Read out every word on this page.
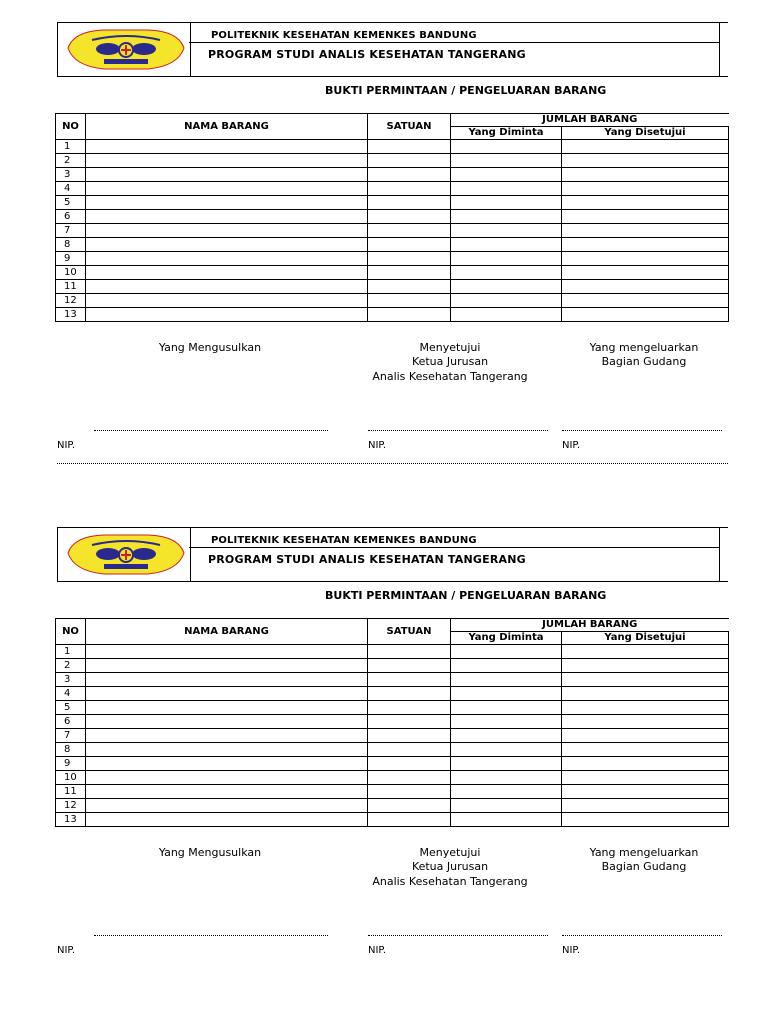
POLITEKNIK KESEHATAN KEMENKES BANDUNG
PROGRAM STUDI ANALIS KESEHATAN TANGERANG
BUKTI PERMINTAAN / PENGELUARAN BARANG
NO	NAMA BARANG	SATUAN	JUMLAH BARANG	
			Yang Diminta	Yang Disetujui
1				
2				
3				
4				
5				
6				
7				
8				
9				
10				
11				
12				
13				
Yang Mengusulkan	Menyetujui
Ketua Jurusan
Analis Kesehatan Tangerang
Yang mengeluarkan
Bagian Gudang
NIP.	NIP.	NIP.
POLITEKNIK KESEHATAN KEMENKES BANDUNG
PROGRAM STUDI ANALIS KESEHATAN TANGERANG
BUKTI PERMINTAAN / PENGELUARAN BARANG
NO	NAMA BARANG	SATUAN	JUMLAH BARANG	
			Yang Diminta	Yang Disetujui
1				
2				
3				
4				
5				
6				
7				
8				
9				
10				
11				
12				
13				
Yang Mengusulkan	Menyetujui
Ketua Jurusan
Analis Kesehatan Tangerang
Yang mengeluarkan
Bagian Gudang
NIP.	NIP.	NIP.
